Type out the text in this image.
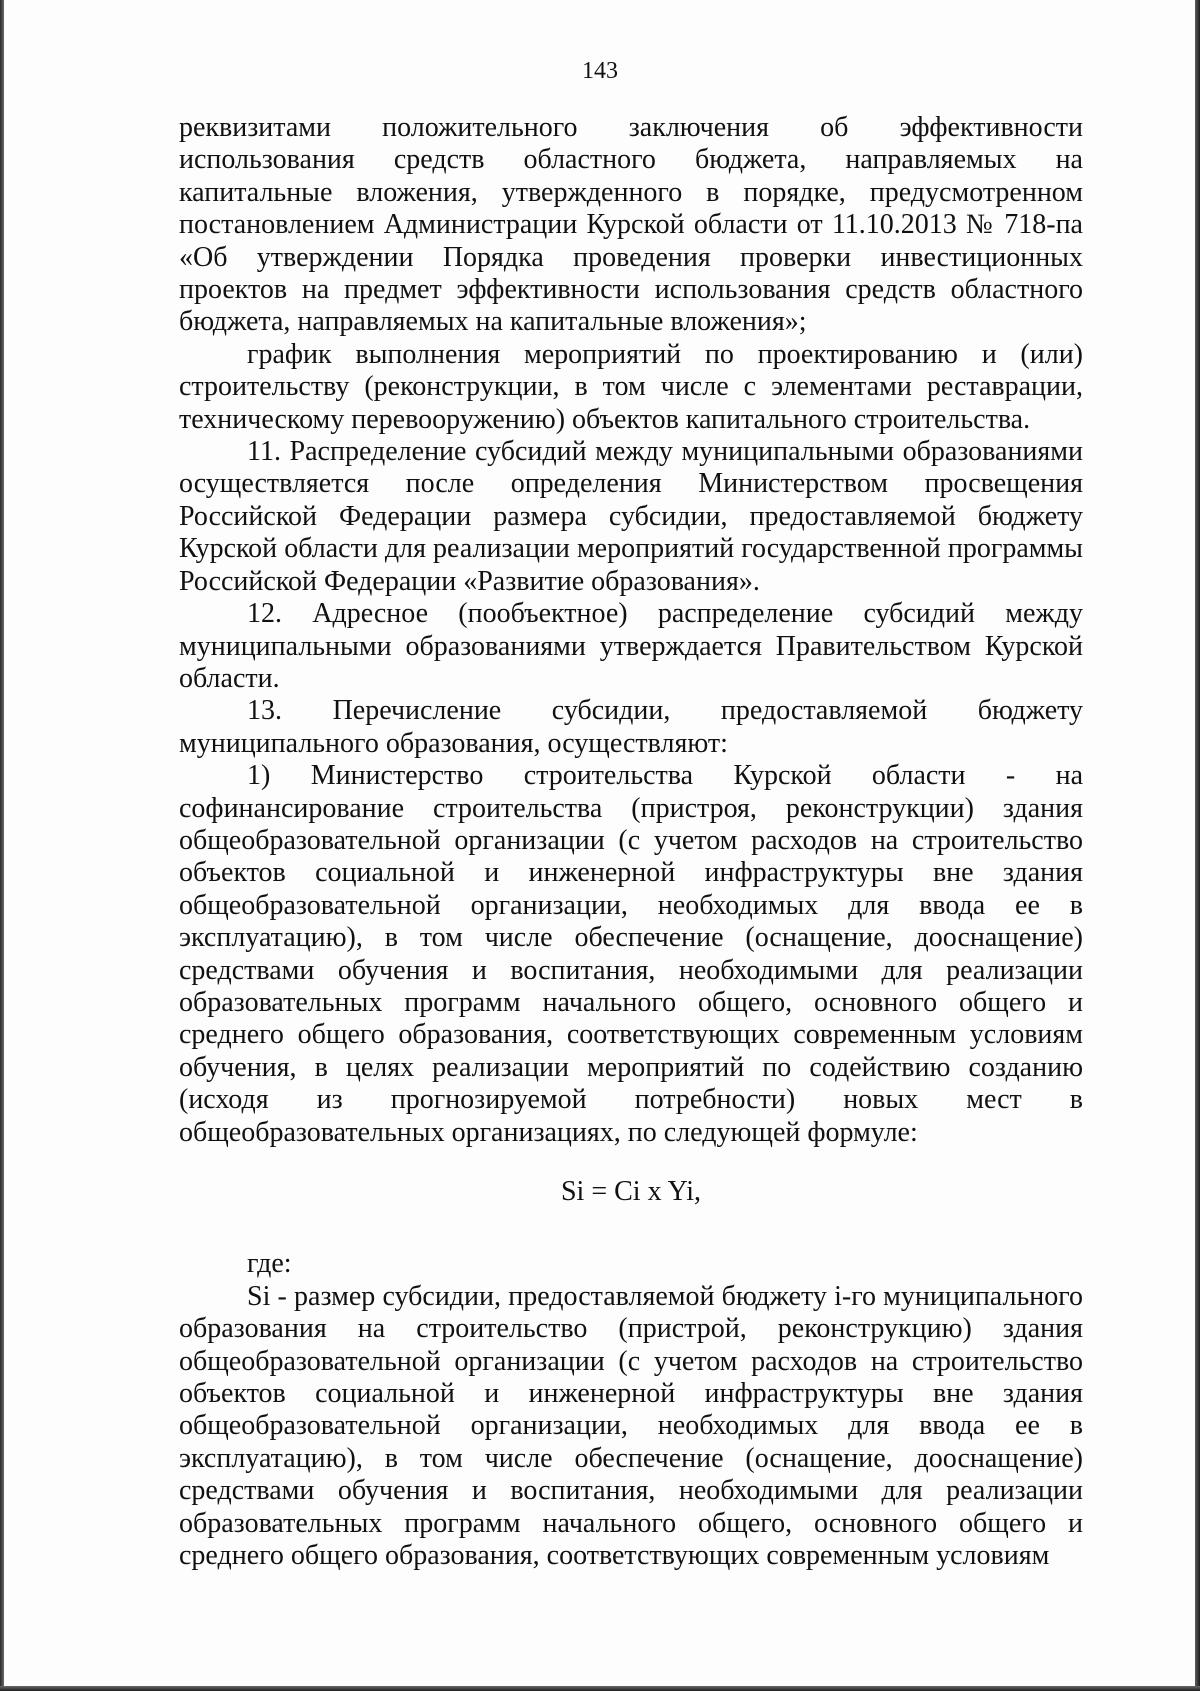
143

реквизитами положительного заключения об эффективности использования средств областного бюджета, направляемых на капитальные вложения, утвержденного в порядке, предусмотренном постановлением Администрации Курской области от 11.10.2013 № 718-па «Об утверждении Порядка проведения проверки инвестиционных проектов на предмет эффективности использования средств областного бюджета, направляемых на капитальные вложения»;

график выполнения мероприятий по проектированию и (или) строительству (реконструкции, в том числе с элементами реставрации, техническому перевооружению) объектов капитального строительства.

11. Распределение субсидий между муниципальными образованиями осуществляется после определения Министерством просвещения Российской Федерации размера субсидии, предоставляемой бюджету Курской области для реализации мероприятий государственной программы Российской Федерации «Развитие образования».

12. Адресное (пообъектное) распределение субсидий между муниципальными образованиями утверждается Правительством Курской области.

13. Перечисление субсидии, предоставляемой бюджету муниципального образования, осуществляют:

1) Министерство строительства Курской области - на софинансирование строительства (пристроя, реконструкции) здания общеобразовательной организации (с учетом расходов на строительство объектов социальной и инженерной инфраструктуры вне здания общеобразовательной организации, необходимых для ввода ее в эксплуатацию), в том числе обеспечение (оснащение, дооснащение) средствами обучения и воспитания, необходимыми для реализации образовательных программ начального общего, основного общего и среднего общего образования, соответствующих современным условиям обучения, в целях реализации мероприятий по содействию созданию (исходя из прогнозируемой потребности) новых мест в общеобразовательных организациях, по следующей формуле:

Si = Ci x Yi,

где:

Si - размер субсидии, предоставляемой бюджету i-го муниципального образования на строительство (пристрой, реконструкцию) здания общеобразовательной организации (с учетом расходов на строительство объектов социальной и инженерной инфраструктуры вне здания общеобразовательной организации, необходимых для ввода ее в эксплуатацию), в том числе обеспечение (оснащение, дооснащение) средствами обучения и воспитания, необходимыми для реализации образовательных программ начального общего, основного общего и среднего общего образования, соответствующих современным условиям
